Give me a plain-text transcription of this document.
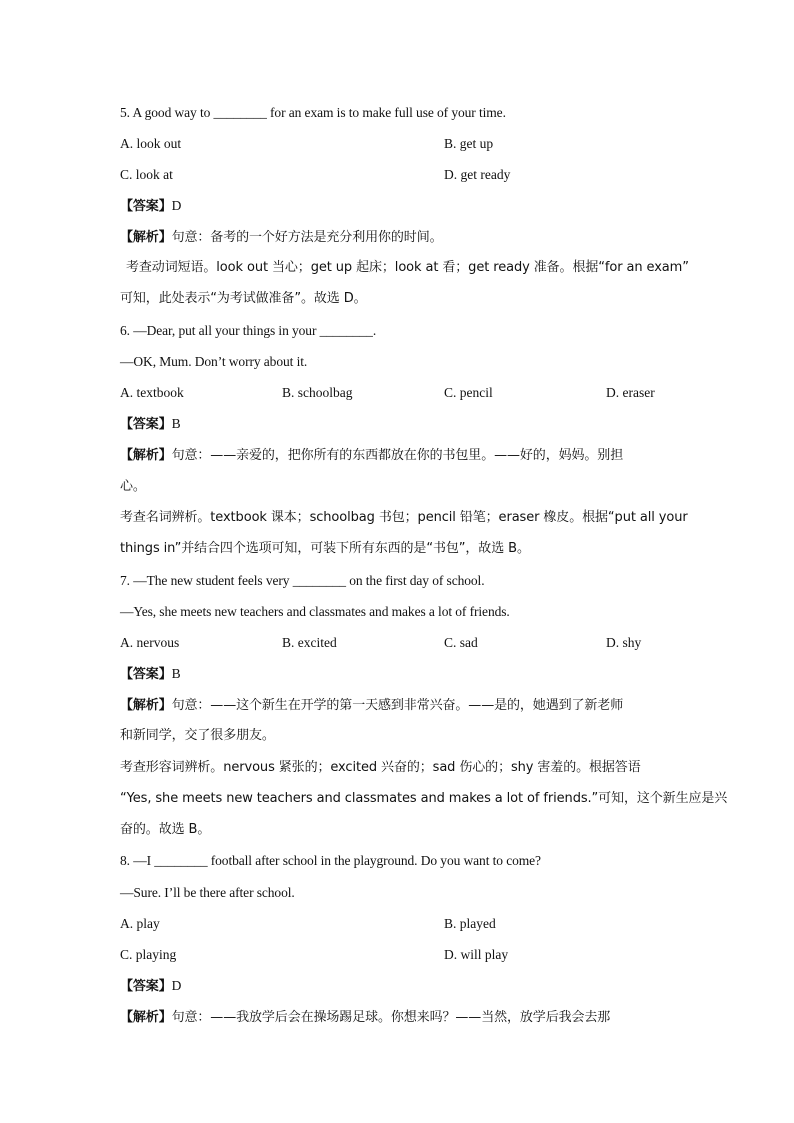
5. A good way to ________ for an exam is to make full use of your time.
A. look out	B. get up
C. look at	D. get ready
【答案】D
【解析】句意：备考的一个好方法是充分利用你的时间。
考查动词短语。look out 当心；get up 起床；look at 看；get ready 准备。根据“for an exam”
可知，此处表示“为考试做准备”。故选 D。
6. —Dear, put all your things in your ________.
—OK, Mum. Don’t worry about it.
A. textbook	B. schoolbag	C. pencil	D. eraser
【答案】B
【解析】句意：——亲爱的，把你所有的东西都放在你的书包里。——好的，妈妈。别担
心。
考查名词辨析。textbook 课本；schoolbag 书包；pencil 铅笔；eraser 橡皮。根据“put all your
things in”并结合四个选项可知，可装下所有东西的是“书包”，故选 B。
7. —The new student feels very ________ on the first day of school.
—Yes, she meets new teachers and classmates and makes a lot of friends.
A. nervous	B. excited	C. sad	D. shy
【答案】B
【解析】句意：——这个新生在开学的第一天感到非常兴奋。——是的，她遇到了新老师
和新同学，交了很多朋友。
考查形容词辨析。nervous 紧张的；excited 兴奋的；sad 伤心的；shy 害羞的。根据答语
“Yes, she meets new teachers and classmates and makes a lot of friends.”可知，这个新生应是兴
奋的。故选 B。
8. —I ________ football after school in the playground. Do you want to come?
—Sure. I’ll be there after school.
A. play	B. played
C. playing	D. will play
【答案】D
【解析】句意：——我放学后会在操场踢足球。你想来吗？——当然，放学后我会去那
